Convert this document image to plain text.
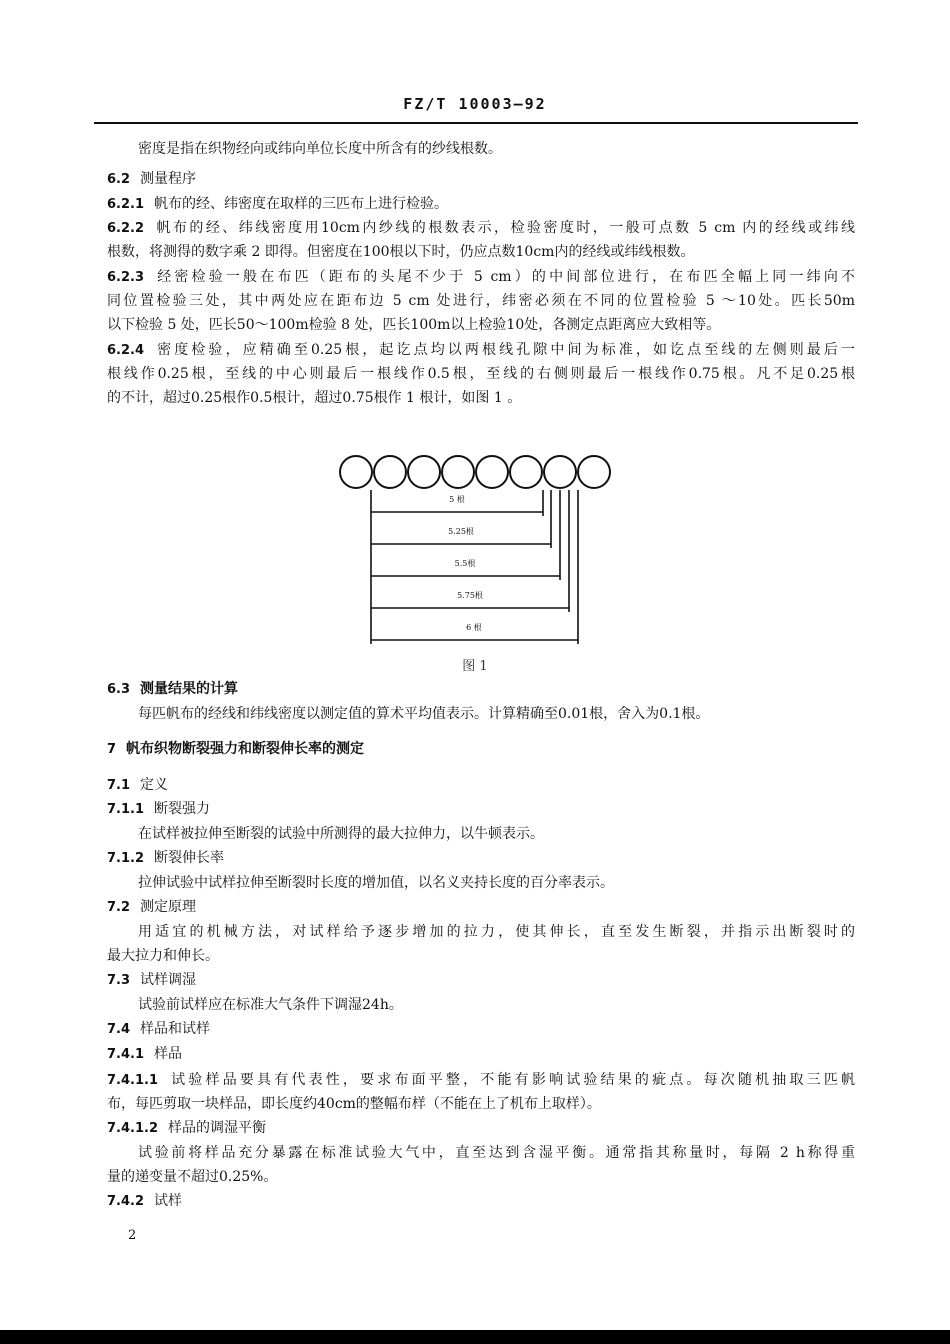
FZ/T 10003—92
密度是指在织物经向或纬向单位长度中所含有的纱线根数。
6.2 测量程序
6.2.1 帆布的经、纬密度在取样的三匹布上进行检验。
6.2.2 帆布的经、纬线密度用10cm内纱线的根数表示，检验密度时，一般可点数 5 cm 内的经线或纬线
根数，将测得的数字乘 2 即得。但密度在100根以下时，仍应点数10cm内的经线或纬线根数。
6.2.3 经密检验一般在布匹（距布的头尾不少于 5 cm）的中间部位进行，在布匹全幅上同一纬向不
同位置检验三处，其中两处应在距布边 5 cm 处进行，纬密必须在不同的位置检验 5 ～10处。匹长50m
以下检验 5 处，匹长50～100m检验 8 处，匹长100m以上检验10处，各测定点距离应大致相等。
6.2.4 密度检验，应精确至0.25根，起讫点均以两根线孔隙中间为标准，如讫点至线的左侧则最后一
根线作0.25根，至线的中心则最后一根线作0.5根，至线的右侧则最后一根线作0.75根。凡不足0.25根
的不计，超过0.25根作0.5根计，超过0.75根作 1 根计，如图 1 。
5 根
5.25根
5.5根
5.75根
6 根
图 1
6.3 测量结果的计算
每匹帆布的经线和纬线密度以测定值的算术平均值表示。计算精确至0.01根，舍入为0.1根。
7 帆布织物断裂强力和断裂伸长率的测定
7.1 定义
7.1.1 断裂强力
在试样被拉伸至断裂的试验中所测得的最大拉伸力，以牛顿表示。
7.1.2 断裂伸长率
拉伸试验中试样拉伸至断裂时长度的增加值，以名义夹持长度的百分率表示。
7.2 测定原理
用适宜的机械方法，对试样给予逐步增加的拉力，使其伸长，直至发生断裂，并指示出断裂时的
最大拉力和伸长。
7.3 试样调湿
试验前试样应在标准大气条件下调湿24h。
7.4 样品和试样
7.4.1 样品
7.4.1.1 试验样品要具有代表性，要求布面平整，不能有影响试验结果的疵点。每次随机抽取三匹帆
布，每匹剪取一块样品，即长度约40cm的整幅布样（不能在上了机布上取样）。
7.4.1.2 样品的调湿平衡
试验前将样品充分暴露在标准试验大气中，直至达到含湿平衡。通常指其称量时，每隔 2 h称得重
量的递变量不超过0.25%。
7.4.2 试样
2
